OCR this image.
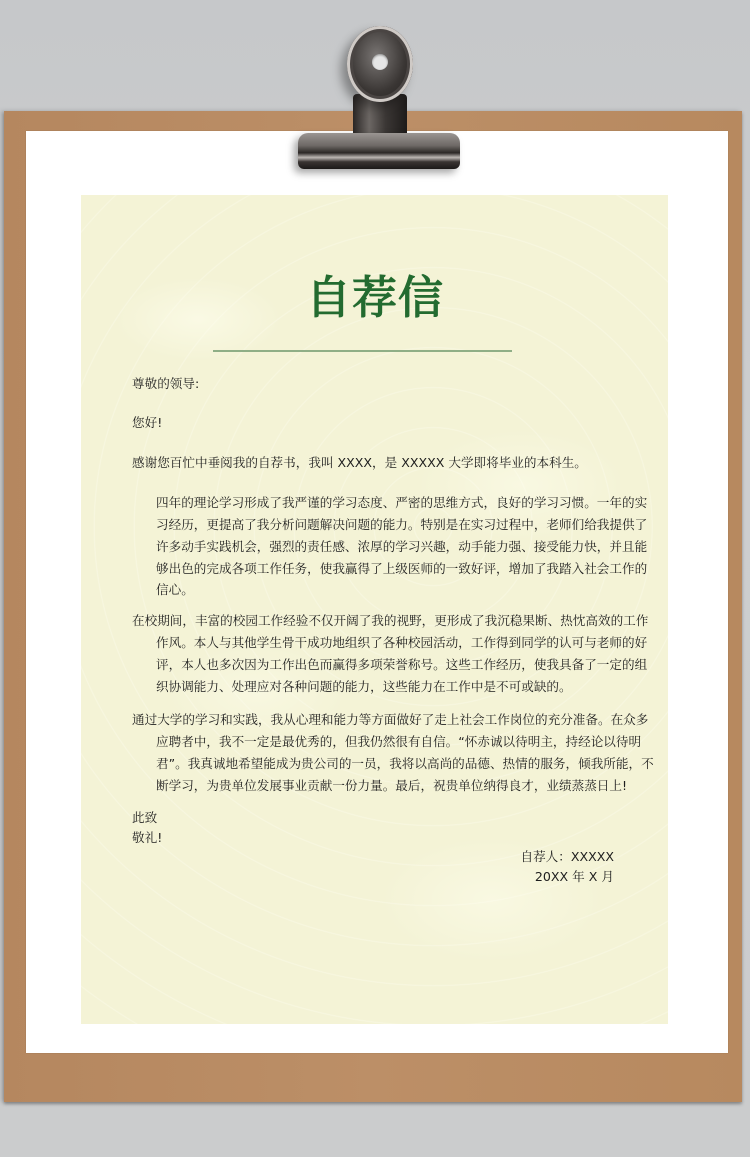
自荐信
尊敬的领导:
您好!
感谢您百忙中垂阅我的自荐书，我叫 XXXX，是 XXXXX 大学即将毕业的本科生。
四年的理论学习形成了我严谨的学习态度、严密的思维方式，良好的学习习惯。一年的实
习经历，更提高了我分析问题解决问题的能力。特别是在实习过程中，老师们给我提供了
许多动手实践机会，强烈的责任感、浓厚的学习兴趣，动手能力强、接受能力快，并且能
够出色的完成各项工作任务，使我赢得了上级医师的一致好评，增加了我踏入社会工作的
信心。
在校期间，丰富的校园工作经验不仅开阔了我的视野，更形成了我沉稳果断、热忱高效的工作
作风。本人与其他学生骨干成功地组织了各种校园活动，工作得到同学的认可与老师的好
评，本人也多次因为工作出色而赢得多项荣誉称号。这些工作经历，使我具备了一定的组
织协调能力、处理应对各种问题的能力，这些能力在工作中是不可或缺的。
通过大学的学习和实践，我从心理和能力等方面做好了走上社会工作岗位的充分准备。在众多
应聘者中，我不一定是最优秀的，但我仍然很有自信。“怀赤诚以待明主，持经论以待明
君”。我真诚地希望能成为贵公司的一员，我将以高尚的品德、热情的服务，倾我所能，不
断学习，为贵单位发展事业贡献一份力量。最后，祝贵单位纳得良才，业绩蒸蒸日上!
此致
敬礼!
自荐人：XXXXX
20XX 年 X 月
